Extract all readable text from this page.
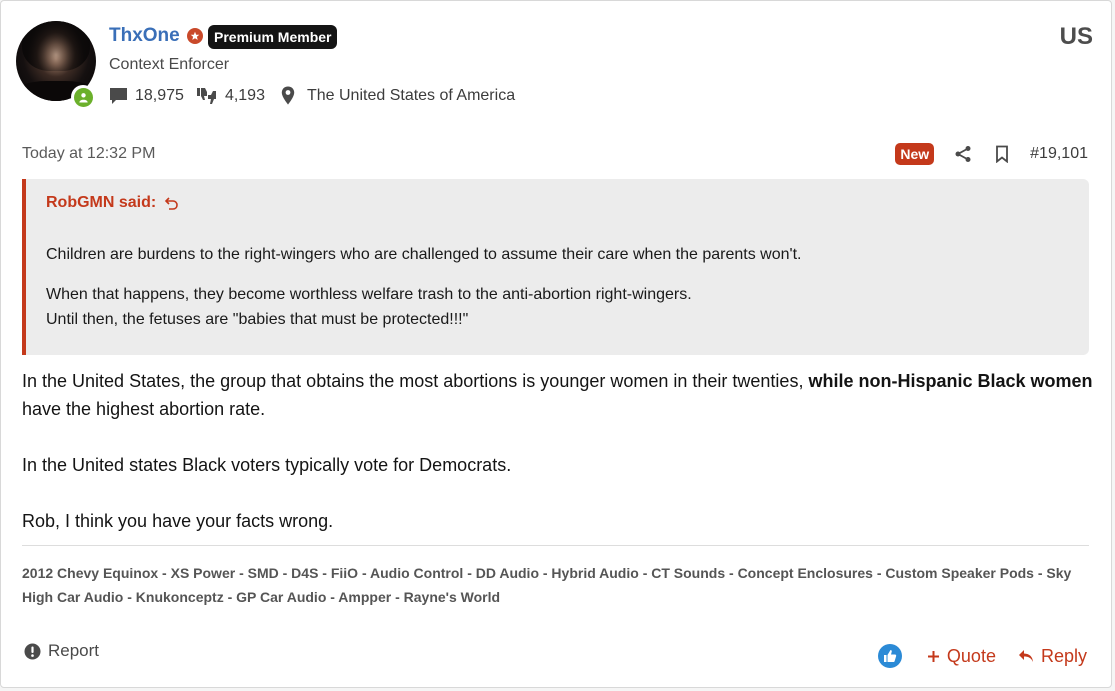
ThxOne	Premium Member	US
Context Enforcer
18,975	4,193	The United States of America
Today at 12:32 PM	New	#19,101
RobGMN said:

Children are burdens to the right-wingers who are challenged to assume their care when the parents won't.

When that happens, they become worthless welfare trash to the anti-abortion right-wingers.
Until then, the fetuses are "babies that must be protected!!!"

In the United States, the group that obtains the most abortions is younger women in their twenties, while non-Hispanic Black women have the highest abortion rate.

In the United states Black voters typically vote for Democrats.

Rob, I think you have your facts wrong.

2012 Chevy Equinox - XS Power - SMD - D4S - FiiO - Audio Control - DD Audio - Hybrid Audio - CT Sounds - Concept Enclosures - Custom Speaker Pods - Sky High Car Audio - Knukonceptz - GP Car Audio - Ampper - Rayne's World
Report	Quote	Reply
